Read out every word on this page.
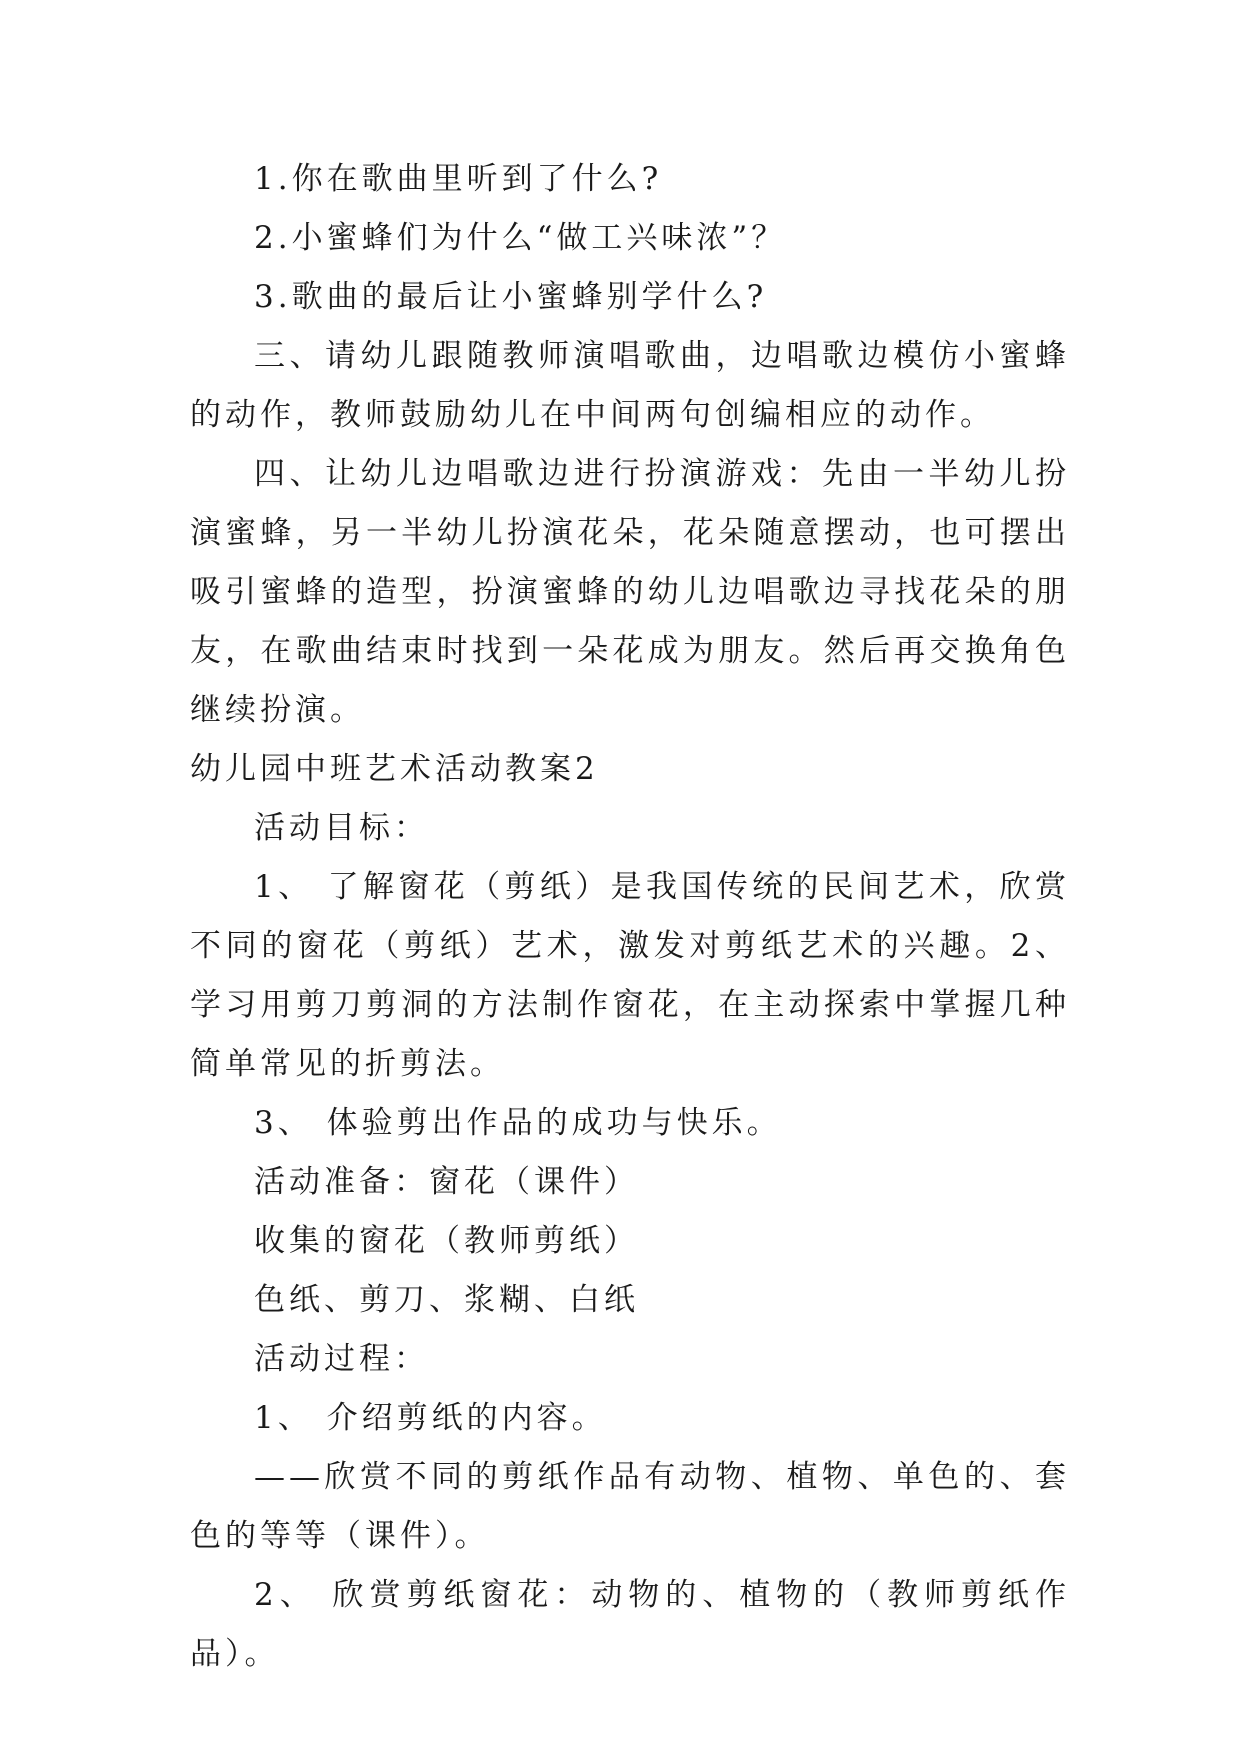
1.你在歌曲里听到了什么?

2.小蜜蜂们为什么“做工兴味浓”？

3.歌曲的最后让小蜜蜂别学什么?

三、请幼儿跟随教师演唱歌曲，边唱歌边模仿小蜜蜂的动作，教师鼓励幼儿在中间两句创编相应的动作。

四、让幼儿边唱歌边进行扮演游戏：先由一半幼儿扮演蜜蜂，另一半幼儿扮演花朵，花朵随意摆动，也可摆出吸引蜜蜂的造型，扮演蜜蜂的幼儿边唱歌边寻找花朵的朋友，在歌曲结束时找到一朵花成为朋友。然后再交换角色继续扮演。

幼儿园中班艺术活动教案2

活动目标：

1、 了解窗花（剪纸）是我国传统的民间艺术，欣赏不同的窗花（剪纸）艺术，激发对剪纸艺术的兴趣。2、 学习用剪刀剪洞的方法制作窗花，在主动探索中掌握几种简单常见的折剪法。

3、 体验剪出作品的成功与快乐。

活动准备：窗花（课件）

收集的窗花（教师剪纸）

色纸、剪刀、浆糊、白纸

活动过程：

1、 介绍剪纸的内容。

——欣赏不同的剪纸作品有动物、植物、单色的、套色的等等（课件）。

2、 欣赏剪纸窗花：动物的、植物的（教师剪纸作品）。
